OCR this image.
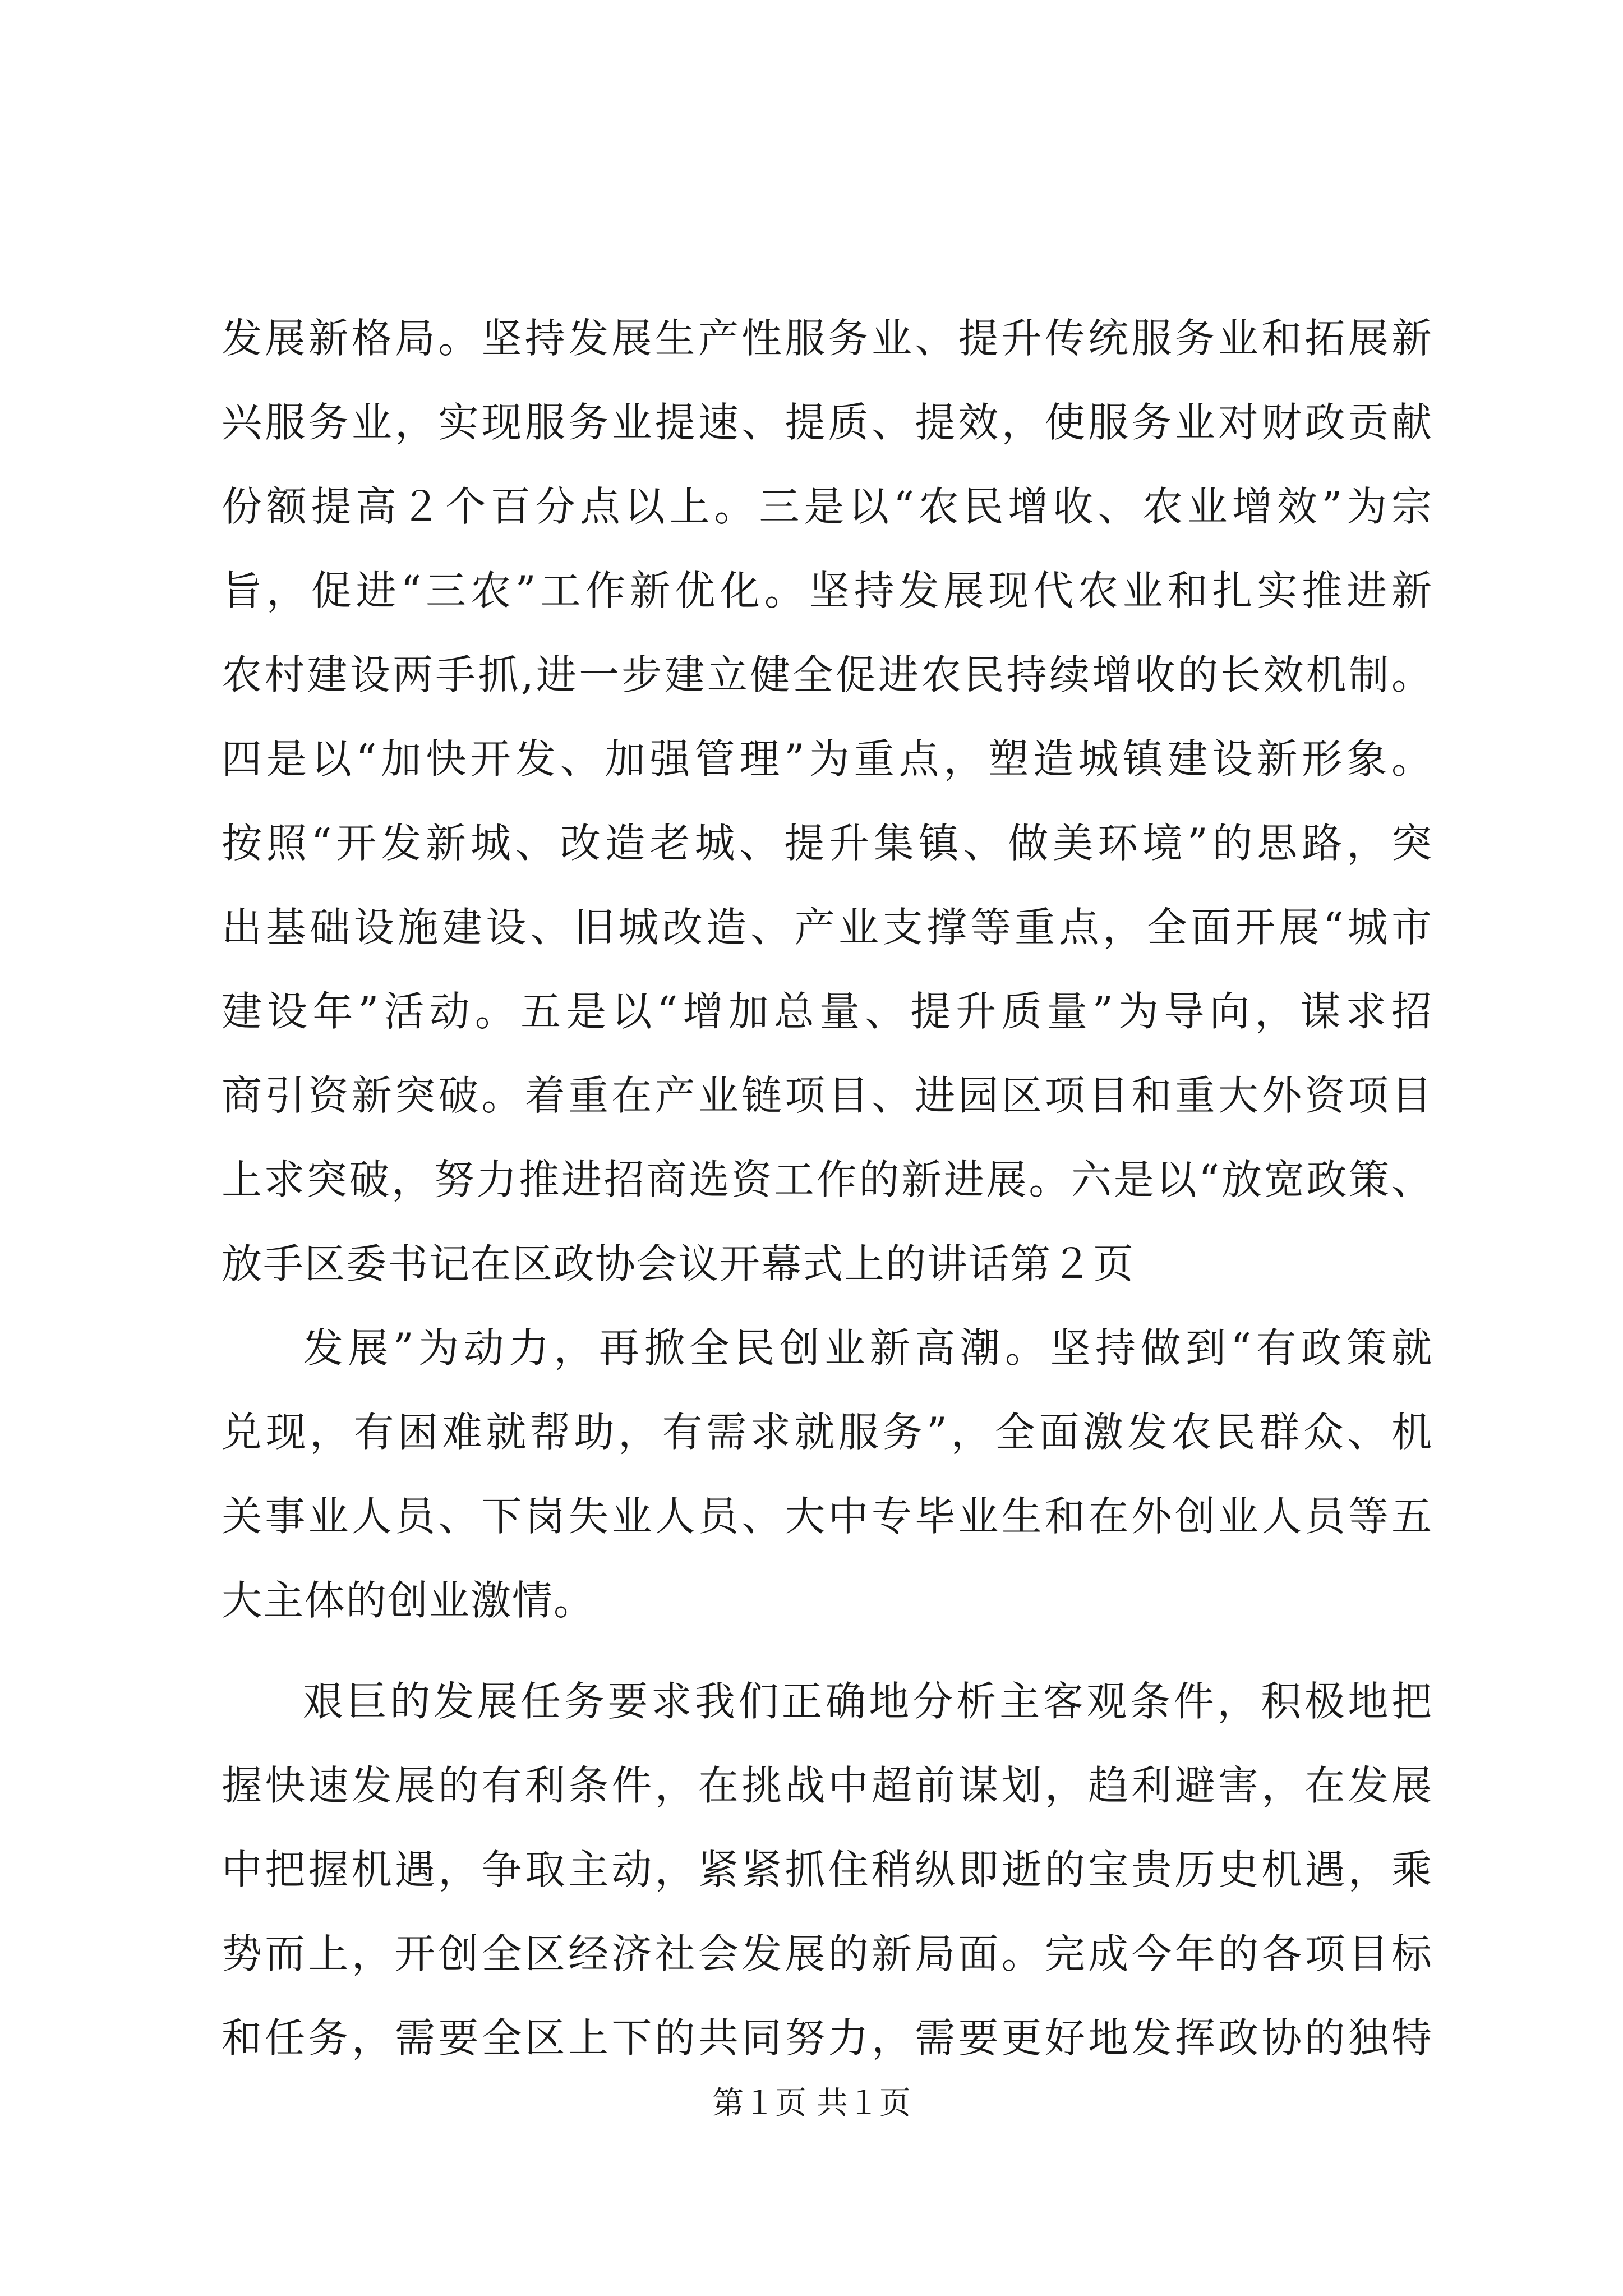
发展新格局。坚持发展生产性服务业、提升传统服务业和拓展新
兴服务业，实现服务业提速、提质、提效，使服务业对财政贡献
份额提高２个百分点以上。三是以“农民增收、农业增效”为宗
旨，促进“三农”工作新优化。坚持发展现代农业和扎实推进新
农村建设两手抓,进一步建立健全促进农民持续增收的长效机制。
四是以“加快开发、加强管理”为重点，塑造城镇建设新形象。
按照“开发新城、改造老城、提升集镇、做美环境”的思路，突
出基础设施建设、旧城改造、产业支撑等重点，全面开展“城市
建设年”活动。五是以“增加总量、提升质量”为导向，谋求招
商引资新突破。着重在产业链项目、进园区项目和重大外资项目
上求突破，努力推进招商选资工作的新进展。六是以“放宽政策、
放手区委书记在区政协会议开幕式上的讲话第２页
发展”为动力，再掀全民创业新高潮。坚持做到“有政策就
兑现，有困难就帮助，有需求就服务”，全面激发农民群众、机
关事业人员、下岗失业人员、大中专毕业生和在外创业人员等五
大主体的创业激情。
艰巨的发展任务要求我们正确地分析主客观条件，积极地把
握快速发展的有利条件，在挑战中超前谋划，趋利避害，在发展
中把握机遇，争取主动，紧紧抓住稍纵即逝的宝贵历史机遇，乘
势而上，开创全区经济社会发展的新局面。完成今年的各项目标
和任务，需要全区上下的共同努力，需要更好地发挥政协的独特
第１页 共１页
